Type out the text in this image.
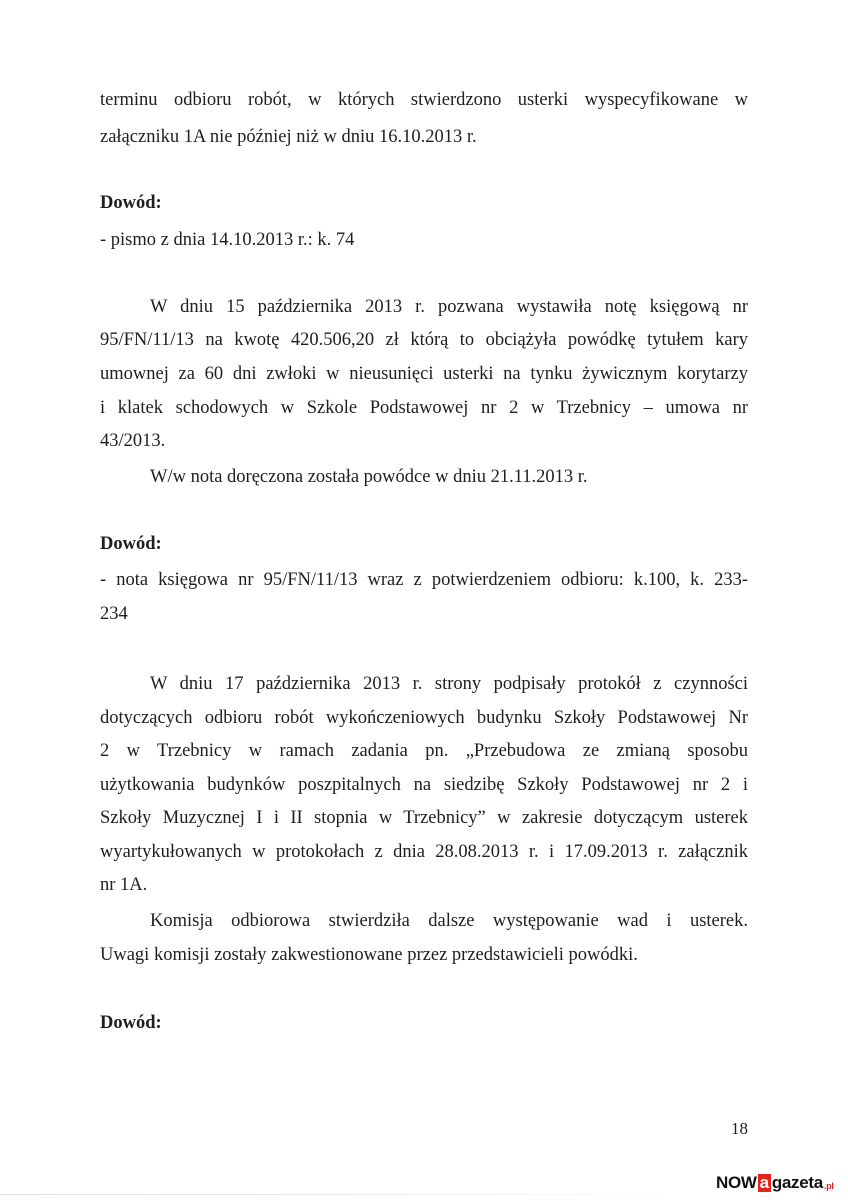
terminu odbioru robót, w których stwierdzono usterki wyspecyfikowane w
załączniku 1A nie później niż w dniu 16.10.2013 r.
Dowód:
- pismo z dnia 14.10.2013 r.: k. 74
W dniu 15 października 2013 r. pozwana wystawiła notę księgową nr
95/FN/11/13 na kwotę 420.506,20 zł którą to obciążyła powódkę tytułem kary
umownej za 60 dni zwłoki w nieusunięci usterki na tynku żywicznym korytarzy
i klatek schodowych w Szkole Podstawowej nr 2 w Trzebnicy – umowa nr
43/2013.
W/w nota doręczona została powódce w dniu 21.11.2013 r.
Dowód:
- nota księgowa nr 95/FN/11/13 wraz z potwierdzeniem odbioru: k.100, k. 233-
234
W dniu 17 października 2013 r. strony podpisały protokół z czynności
dotyczących odbioru robót wykończeniowych budynku Szkoły Podstawowej Nr
2 w Trzebnicy w ramach zadania pn. „Przebudowa ze zmianą sposobu
użytkowania budynków poszpitalnych na siedzibę Szkoły Podstawowej nr 2 i
Szkoły Muzycznej I i II stopnia w Trzebnicy” w zakresie dotyczącym usterek
wyartykułowanych w protokołach z dnia 28.08.2013 r. i 17.09.2013 r. załącznik
nr 1A.
Komisja odbiorowa stwierdziła dalsze występowanie wad i usterek.
Uwagi komisji zostały zakwestionowane przez przedstawicieli powódki.
Dowód:
18
NOW a gazeta .pl
